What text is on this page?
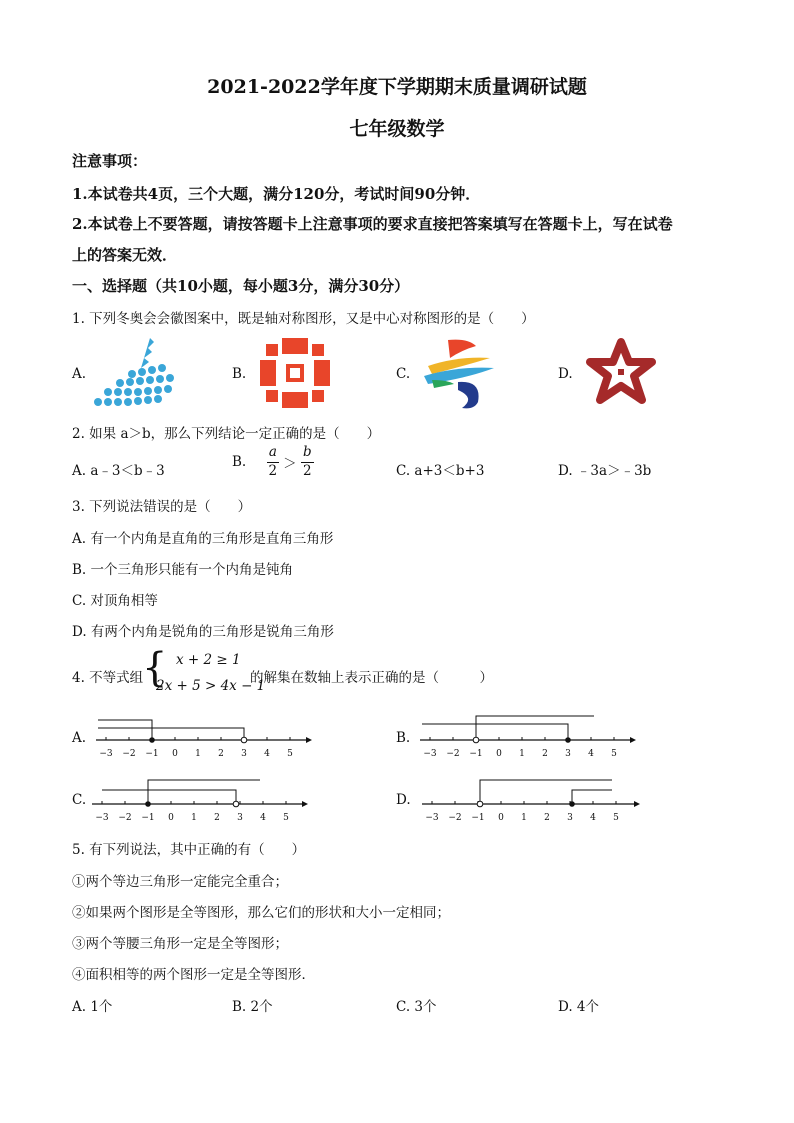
2021-2022学年度下学期期末质量调研试题
七年级数学
注意事项：
1.本试卷共4页，三个大题，满分120分，考试时间90分钟．
2.本试卷上不要答题，请按答题卡上注意事项的要求直接把答案填写在答题卡上，写在试卷
上的答案无效．
一、选择题（共10小题，每小题3分，满分30分）
1. 下列冬奥会会徽图案中，既是轴对称图形，又是中心对称图形的是（　　）
A.	B.	C.	D.
2. 如果 a＞b，那么下列结论一定正确的是（　　）
A. a﹣3＜b﹣3
B. $\frac{a}{2} > \frac{b}{2}$	C. a+3＜b+3	D. ﹣3a＞﹣3b
3. 下列说法错误的是（　　）
A. 有一个内角是直角的三角形是直角三角形
B. 一个三角形只能有一个内角是钝角
C. 对顶角相等
D. 有两个内角是锐角的三角形是锐角三角形
4. 不等式组
{ x + 2 ≥ 1
2x + 5 > 4x − 1
的解集在数轴上表示正确的是（　　　）
A.	B.
C.	D.
−3 −2 −1 0 1 2 3 4 5	−3 −2 −1 0 1 2 3 4 5
−3 −2 −1 0 1 2 3 4 5	−3 −2 −1 0 1 2 3 4 5
5. 有下列说法，其中正确的有（　　）
①两个等边三角形一定能完全重合；
②如果两个图形是全等图形，那么它们的形状和大小一定相同；
③两个等腰三角形一定是全等图形；
④面积相等的两个图形一定是全等图形．
A. 1个	B. 2个	C. 3个	D. 4个
